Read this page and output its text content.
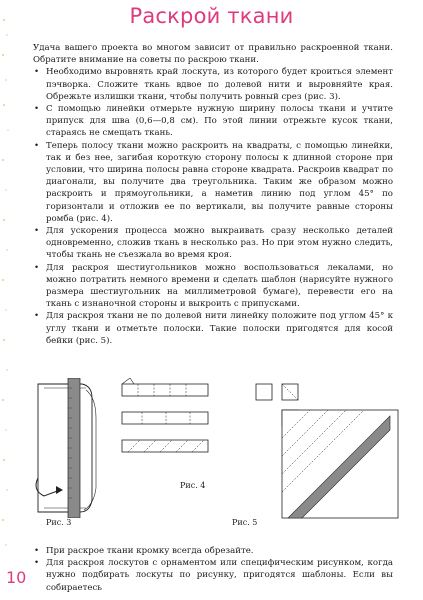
Раскрой ткани

Удача вашего проекта во многом зависит от правильно раскроенной ткани. Обратите внимание на советы по раскрою ткани.

• Необходимо выровнять край лоскута, из которого будет кроиться элемент пэчворка. Сложите ткань вдвое по долевой нити и выровняйте края. Обрежьте излишки ткани, чтобы получить ровный срез (рис. 3).
• С помощью линейки отмерьте нужную ширину полосы ткани и учтите припуск для шва (0,6—0,8 см). По этой линии отрежьте кусок ткани, стараясь не смещать ткань.
• Теперь полосу ткани можно раскроить на квадраты, с помощью линейки, так и без нее, загибая короткую сторону полосы к длинной стороне при условии, что ширина полосы равна стороне квадрата. Раскроив квадрат по диагонали, вы получите два треугольника. Таким же образом можно раскроить и прямоугольники, а наметив линию под углом 45° по горизонтали и отложив ее по вертикали, вы получите равные стороны ромба (рис. 4).
• Для ускорения процесса можно выкраивать сразу несколько деталей одновременно, сложив ткань в несколько раз. Но при этом нужно следить, чтобы ткань не съезжала во время кроя.
• Для раскроя шестиугольников можно воспользоваться лекалами, но можно потратить немного времени и сделать шаблон (нарисуйте нужного размера шестиугольник на миллиметровой бумаге), перевести его на ткань с изнаночной стороны и выкроить с припусками.
• Для раскроя ткани не по долевой нити линейку положите под углом 45° к углу ткани и отметьте полоски. Такие полоски пригодятся для косой бейки (рис. 5).
Рис. 3
Рис. 4
Рис. 5
• При раскрое ткани кромку всегда обрезайте.
• Для раскроя лоскутов с орнаментом или специфическим рисунком, когда нужно подбирать лоскуты по рисунку, пригодятся шаблоны. Если вы собираетесь
10
